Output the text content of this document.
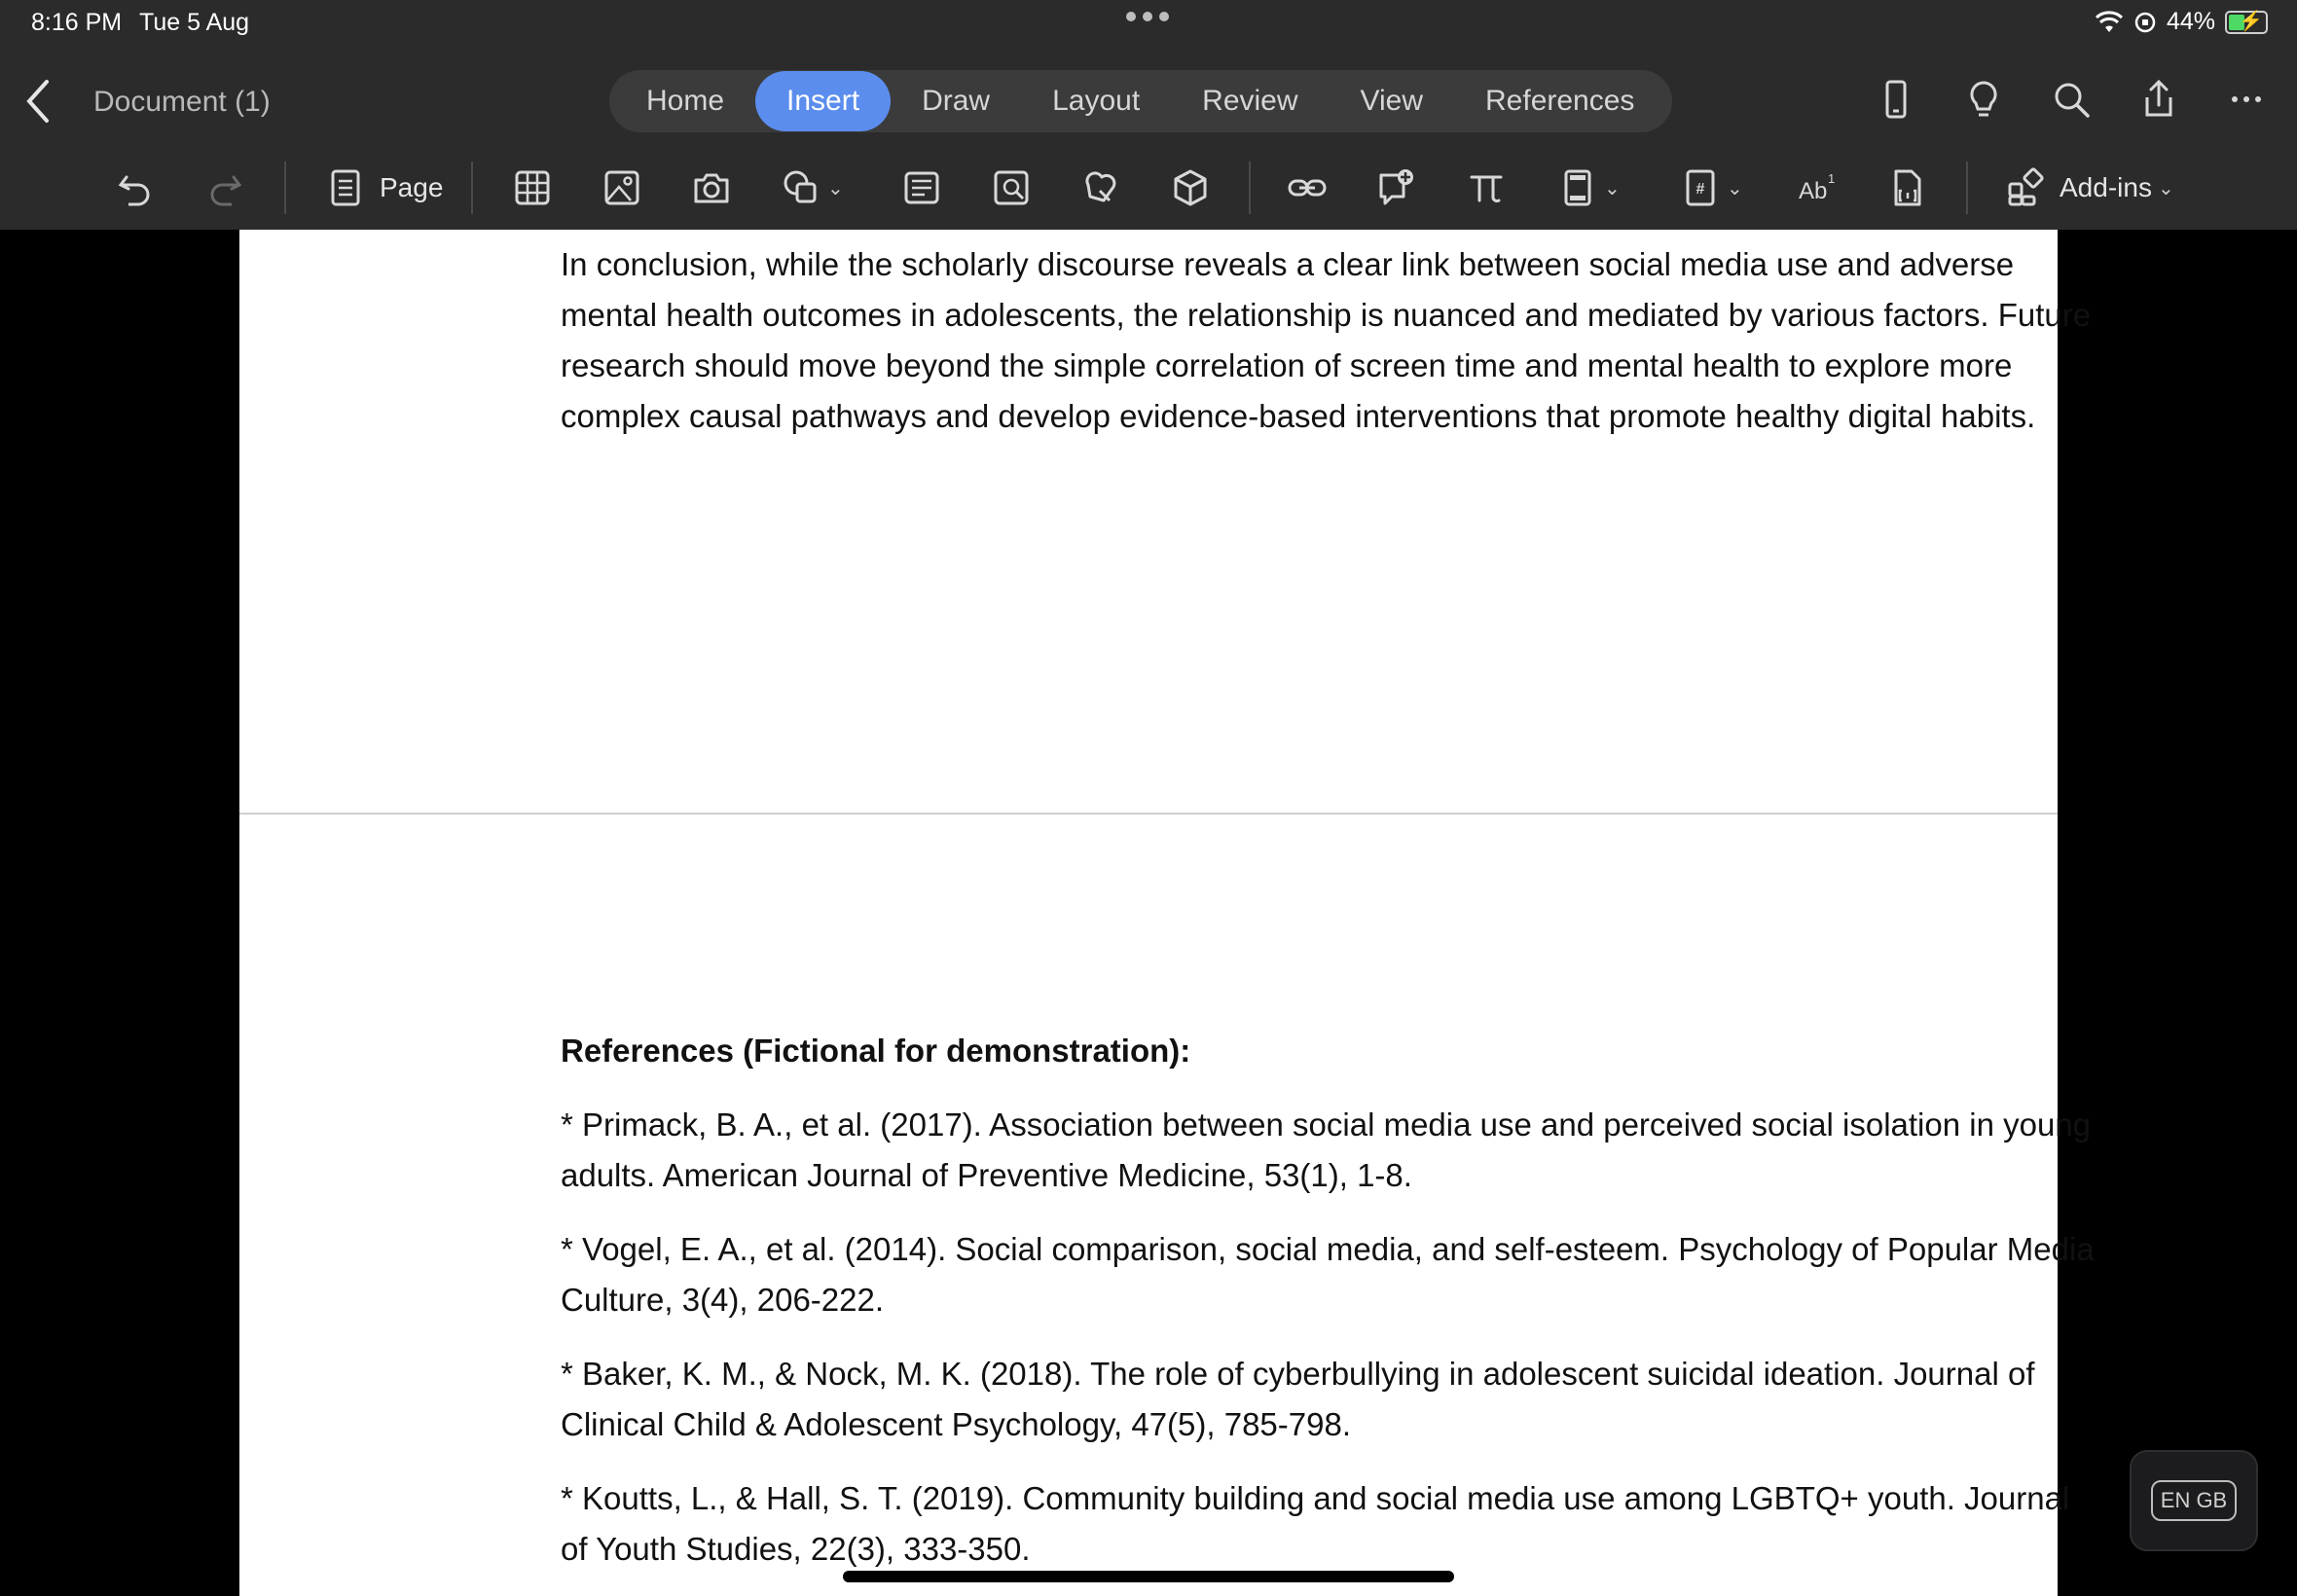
8:16 PM Tue 5 Aug	44% ⚡
Document (1)	Home	Insert	Draw	Layout	Review	View	References
Page	⌄	⌄	# ⌄ Ab 1	Add-ins ⌄
In conclusion, while the scholarly discourse reveals a clear link between social media use and adverse mental health outcomes in adolescents, the relationship is nuanced and mediated by various factors. Future research should move beyond the simple correlation of screen time and mental health to explore more complex causal pathways and develop evidence-based interventions that promote healthy digital habits.
References (Fictional for demonstration):
* Primack, B. A., et al. (2017). Association between social media use and perceived social isolation in young adults. American Journal of Preventive Medicine, 53(1), 1-8.
* Vogel, E. A., et al. (2014). Social comparison, social media, and self-esteem. Psychology of Popular Media Culture, 3(4), 206-222.
* Baker, K. M., & Nock, M. K. (2018). The role of cyberbullying in adolescent suicidal ideation. Journal of Clinical Child & Adolescent Psychology, 47(5), 785-798.
* Koutts, L., & Hall, S. T. (2019). Community building and social media use among LGBTQ+ youth. Journal of Youth Studies, 22(3), 333-350.
EN GB
